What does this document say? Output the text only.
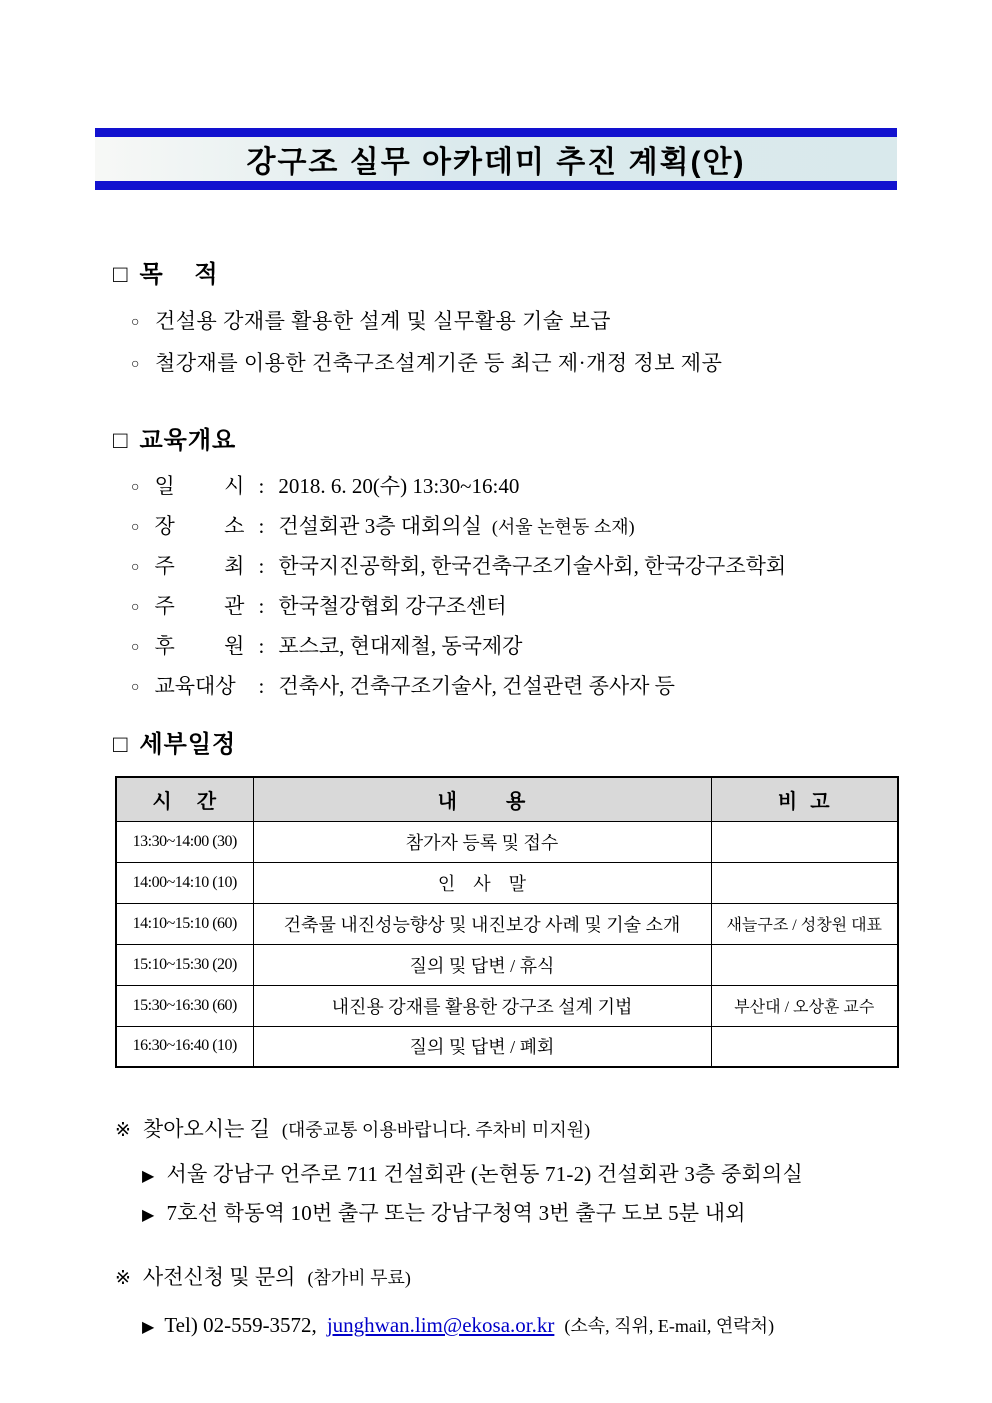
강구조 실무 아카데미 추진 계획(안)
□ 목    적
○ 건설용 강재를 활용한 설계 및 실무활용 기술 보급
○ 철강재를 이용한 건축구조설계기준 등 최근 제·개정 정보 제공
□ 교육개요
○ 일 시 : 2018. 6. 20(수) 13:30~16:40
○ 장 소 : 건설회관 3층 대회의실 (서울 논현동 소재)
○ 주 최 : 한국지진공학회, 한국건축구조기술사회, 한국강구조학회
○ 주 관 : 한국철강협회 강구조센터
○ 후 원 : 포스코, 현대제철, 동국제강
○ 교육대상	: 건축사, 건축구조기술사, 건설관련 종사자 등
□ 세부일정
시    간	내        용	비  고
13:30~14:00 (30)	참가자 등록 및 접수	
14:00~14:10 (10)	인    사    말	
14:10~15:10 (60)	건축물 내진성능향상 및 내진보강 사례 및 기술 소개	새늘구조 / 성창원 대표
15:10~15:30 (20)	질의 및 답변 / 휴식	
15:30~16:30 (60)	내진용 강재를 활용한 강구조 설계 기법	부산대 / 오상훈 교수
16:30~16:40 (10)	질의 및 답변 / 폐회	
※ 찾아오시는 길 (대중교통 이용바랍니다. 주차비 미지원)
▶ 서울 강남구 언주로 711 건설회관 (논현동 71-2) 건설회관 3층 중회의실
▶ 7호선 학동역 10번 출구 또는 강남구청역 3번 출구 도보 5분 내외
※ 사전신청 및 문의 (참가비 무료)
▶ Tel) 02-559-3572, junghwan.lim@ekosa.or.kr (소속, 직위, E-mail, 연락처)
